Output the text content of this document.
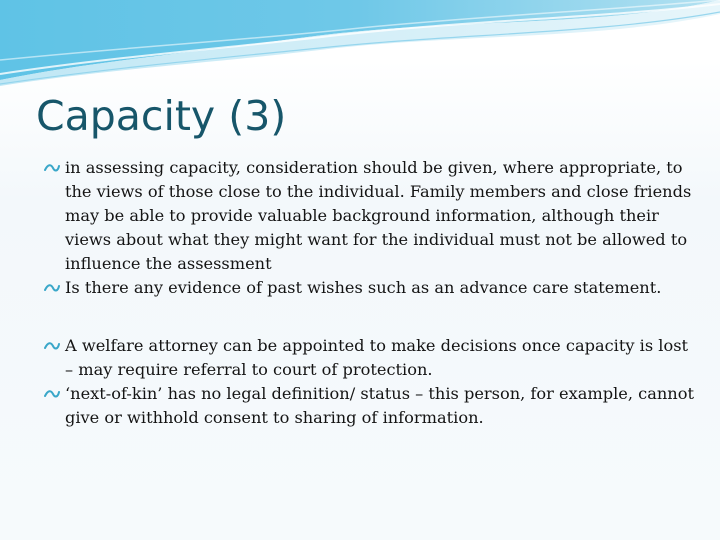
Capacity (3)
in assessing capacity, consideration should be given, where appropriate, to the views of those close to the individual. Family members and close friends may be able to provide valuable background information, although their views about what they might want for the individual must not be allowed to influence the assessment
Is there any evidence of past wishes such as an advance care statement.
A welfare attorney can be appointed to make decisions once capacity is lost – may require referral to court of protection.
‘next-of-kin’ has no legal definition/ status – this person, for example, cannot give or withhold consent to sharing of information.
